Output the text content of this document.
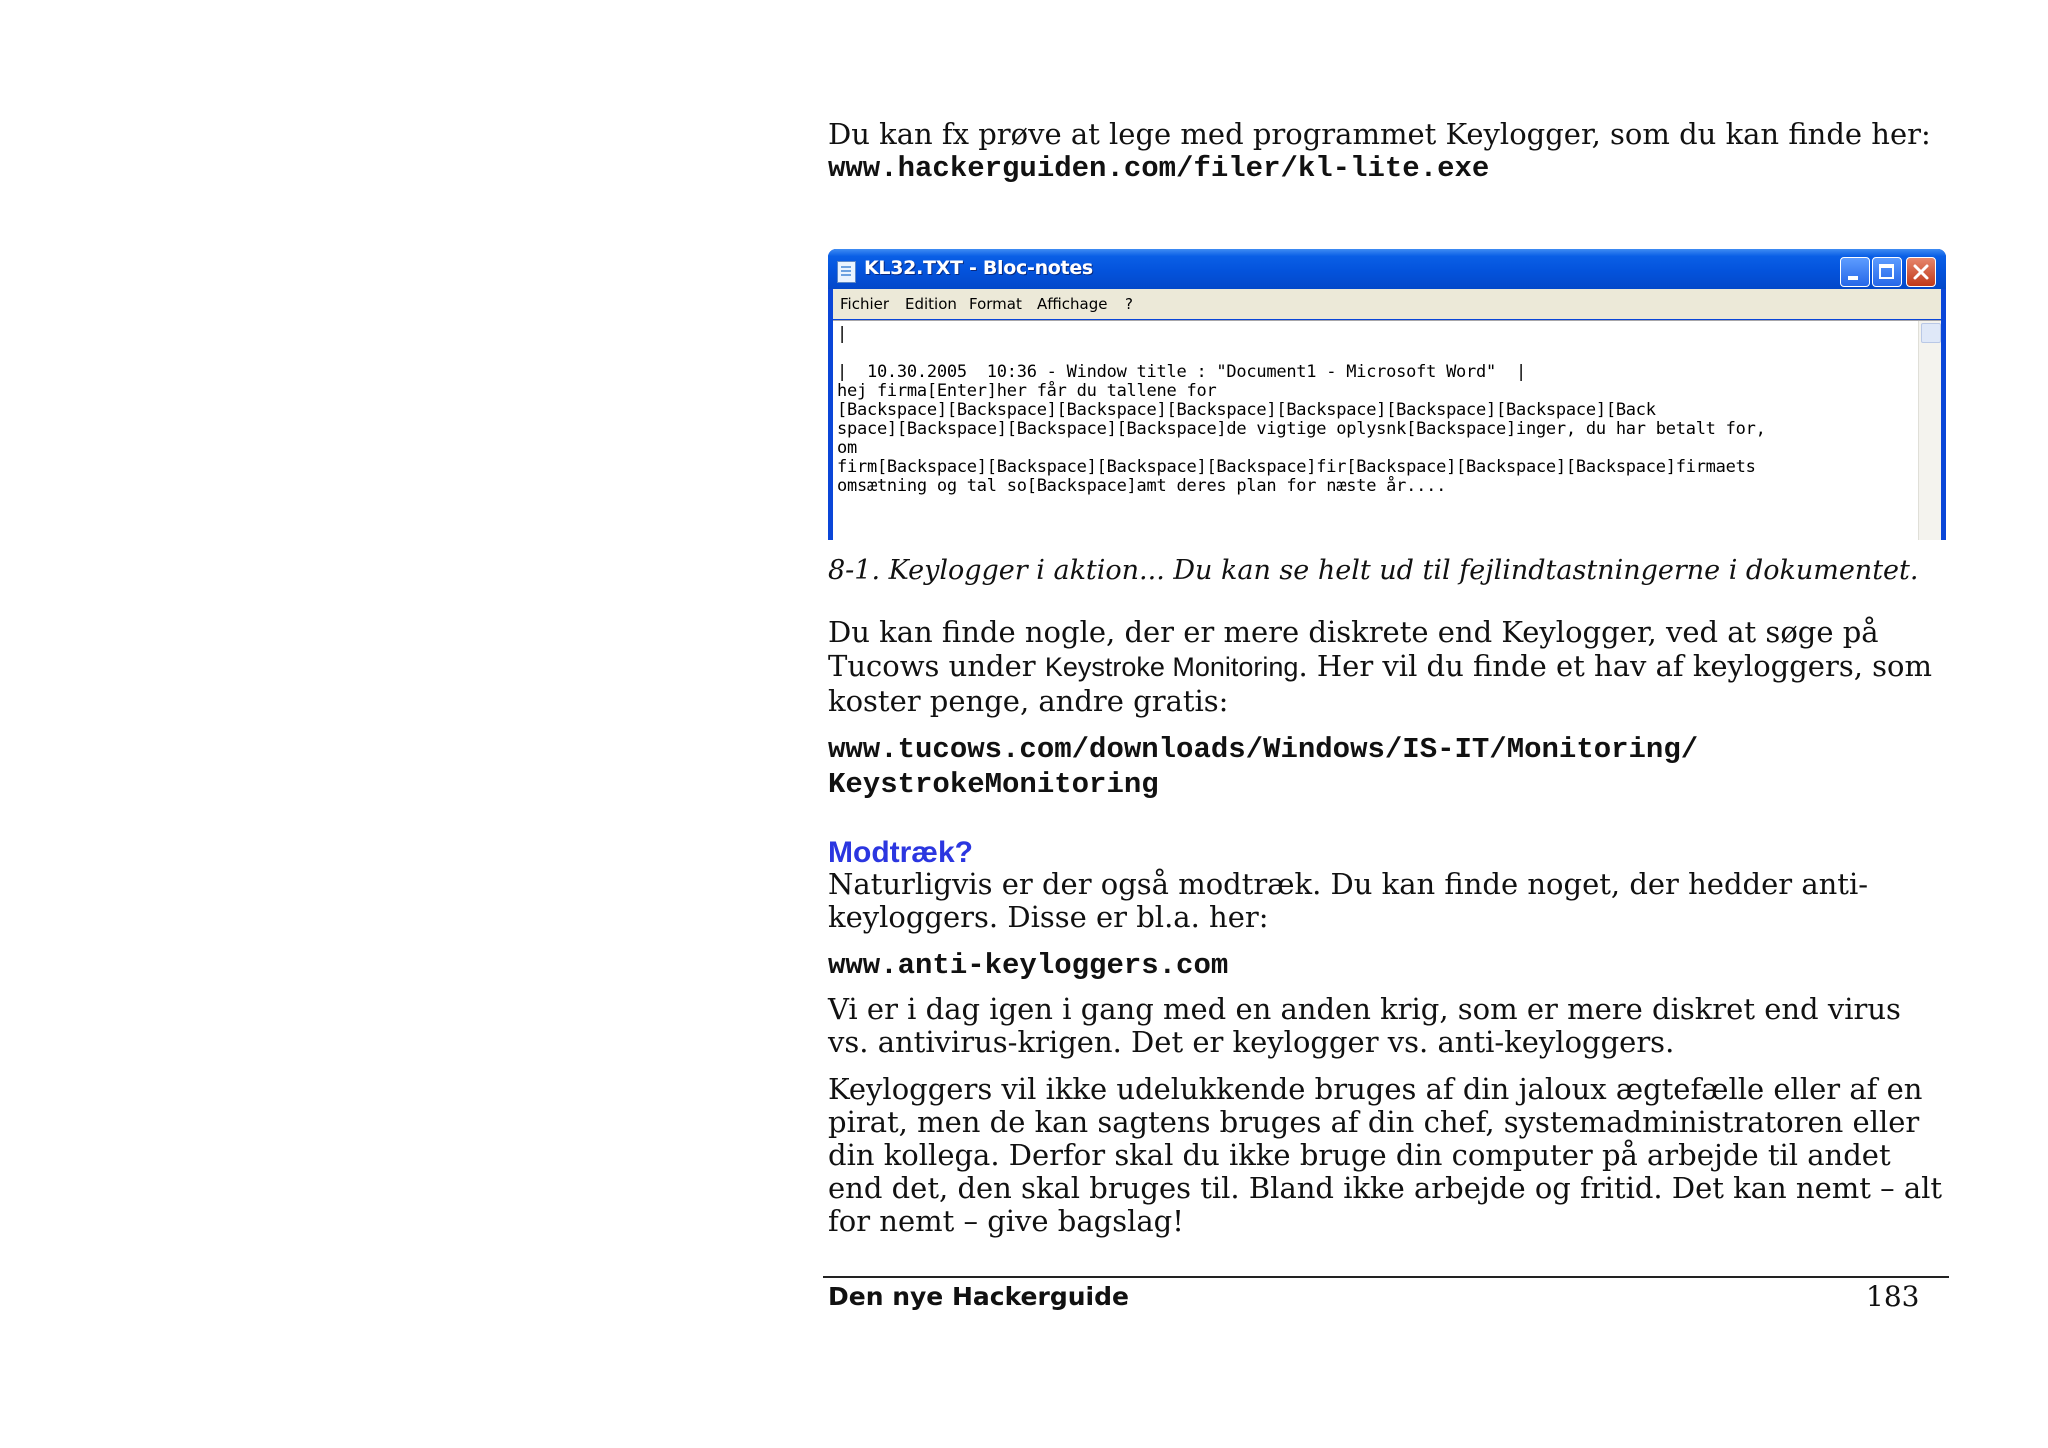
Du kan fx prøve at lege med programmet Keylogger, som du kan finde her:

www.hackerguiden.com/filer/kl-lite.exe
KL32.TXT - Bloc-notes
Fichier Edition Format Affichage ?
|

|  10.30.2005  10:36 - Window title : "Document1 - Microsoft Word"  |
hej firma[Enter]her får du tallene for
[Backspace][Backspace][Backspace][Backspace][Backspace][Backspace][Backspace][Back
space][Backspace][Backspace][Backspace]de vigtige oplysnk[Backspace]inger, du har betalt for,
om
firm[Backspace][Backspace][Backspace][Backspace]fir[Backspace][Backspace][Backspace]firmaets
omsætning og tal so[Backspace]amt deres plan for næste år....

8-1. Keylogger i aktion... Du kan se helt ud til fejlindtastningerne i dokumentet.

Du kan finde nogle, der er mere diskrete end Keylogger, ved at søge på Tucows under Keystroke Monitoring. Her vil du finde et hav af keyloggers, som koster penge, andre gratis:

www.tucows.com/downloads/Windows/IS-IT/Monitoring/
KeystrokeMonitoring
Modtræk?

Naturligvis er der også modtræk. Du kan finde noget, der hedder anti-keyloggers. Disse er bl.a. her:

www.anti-keyloggers.com

Vi er i dag igen i gang med en anden krig, som er mere diskret end virus vs. antivirus-krigen. Det er keylogger vs. anti-keyloggers.

Keyloggers vil ikke udelukkende bruges af din jaloux ægtefælle eller af en pirat, men de kan sagtens bruges af din chef, systemadministratoren eller din kollega. Derfor skal du ikke bruge din computer på arbejde til andet end det, den skal bruges til. Bland ikke arbejde og fritid. Det kan nemt – alt for nemt – give bagslag!

Den nye Hackerguide	183
